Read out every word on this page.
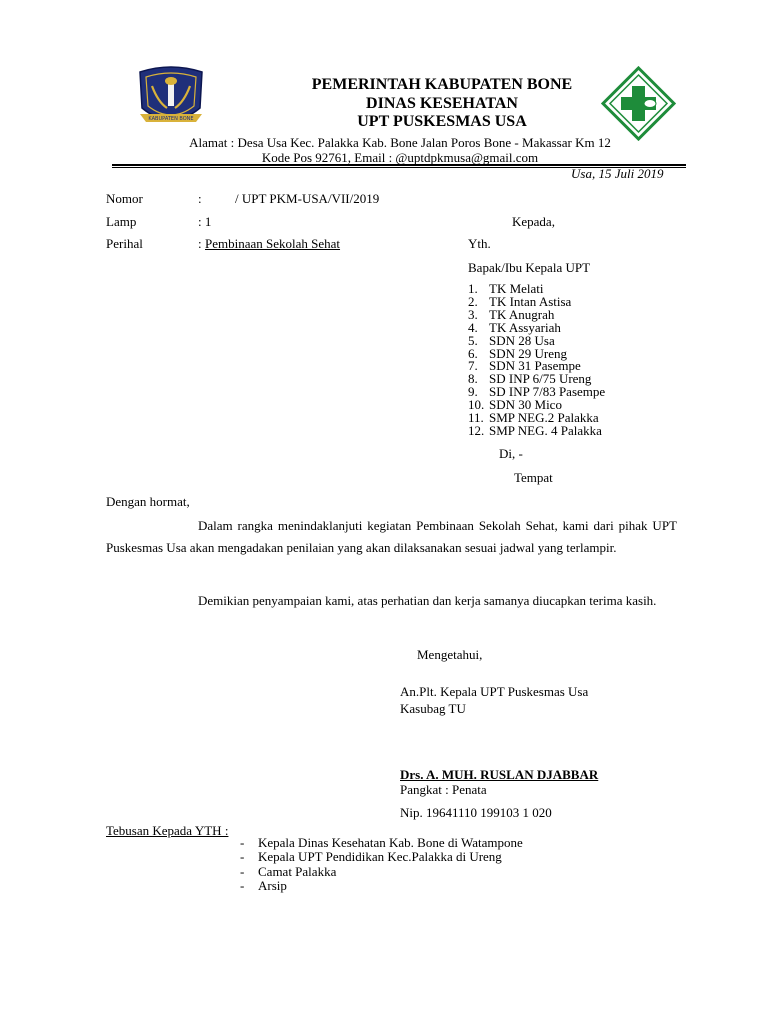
KABUPATEN BONE
PEMERINTAH KABUPATEN BONE
DINAS KESEHATAN
UPT PUSKESMAS USA
Alamat : Desa Usa Kec. Palakka Kab. Bone Jalan Poros Bone - Makassar Km 12
Kode Pos 92761, Email : @uptdpkmusa@gmail.com
Usa, 15 Juli 2019
Nomor	:	/ UPT PKM-USA/VII/2019
Lamp	: 1
Perihal	: Pembinaan Sekolah Sehat
Kepada,
Yth.
Bapak/Ibu Kepala UPT
1. TK Melati
2. TK Intan Astisa
3. TK Anugrah
4. TK Assyariah
5. SDN 28 Usa
6. SDN 29 Ureng
7. SDN 31 Pasempe
8. SD INP 6/75 Ureng
9. SD INP 7/83 Pasempe
10. SDN 30 Mico
11. SMP NEG.2 Palakka
12. SMP NEG. 4 Palakka
Di, -
Tempat
Dengan hormat,
Dalam rangka menindaklanjuti kegiatan Pembinaan Sekolah Sehat, kami dari pihak UPT Puskesmas Usa akan mengadakan penilaian yang akan dilaksanakan sesuai jadwal yang terlampir.
Demikian penyampaian kami, atas perhatian dan kerja samanya diucapkan terima kasih.
Mengetahui,
An.Plt. Kepala UPT Puskesmas Usa
Kasubag TU
Drs. A. MUH. RUSLAN DJABBAR
Pangkat : Penata
Nip. 19641110 199103 1 020
Tebusan Kepada YTH :
- Kepala Dinas Kesehatan Kab. Bone di Watampone
- Kepala UPT Pendidikan Kec.Palakka di Ureng
- Camat Palakka
- Arsip
